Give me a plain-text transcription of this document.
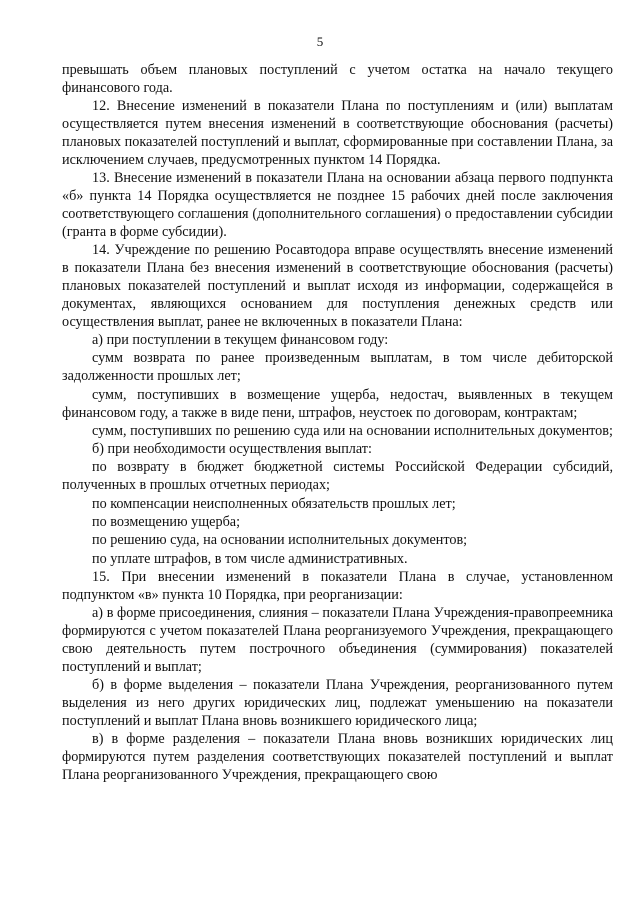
5

превышать объем плановых поступлений с учетом остатка на начало текущего финансового года.

12. Внесение изменений в показатели Плана по поступлениям и (или) выплатам осуществляется путем внесения изменений в соответствующие обоснования (расчеты) плановых показателей поступлений и выплат, сформированные при составлении Плана, за исключением случаев, предусмотренных пунктом 14 Порядка.

13. Внесение изменений в показатели Плана на основании абзаца первого подпункта «б» пункта 14 Порядка осуществляется не позднее 15 рабочих дней после заключения соответствующего соглашения (дополнительного соглашения) о предоставлении субсидии (гранта в форме субсидии).

14. Учреждение по решению Росавтодора вправе осуществлять внесение изменений в показатели Плана без внесения изменений в соответствующие обоснования (расчеты) плановых показателей поступлений и выплат исходя из информации, содержащейся в документах, являющихся основанием для поступления денежных средств или осуществления выплат, ранее не включенных в показатели Плана:

а) при поступлении в текущем финансовом году:

сумм возврата по ранее произведенным выплатам, в том числе дебиторской задолженности прошлых лет;

сумм, поступивших в возмещение ущерба, недостач, выявленных в текущем финансовом году, а также в виде пени, штрафов, неустоек по договорам, контрактам;

сумм, поступивших по решению суда или на основании исполнительных документов;

б) при необходимости осуществления выплат:

по возврату в бюджет бюджетной системы Российской Федерации субсидий, полученных в прошлых отчетных периодах;

по компенсации неисполненных обязательств прошлых лет;

по возмещению ущерба;

по решению суда, на основании исполнительных документов;

по уплате штрафов, в том числе административных.

15. При внесении изменений в показатели Плана в случае, установленном подпунктом «в» пункта 10 Порядка, при реорганизации:

а) в форме присоединения, слияния – показатели Плана Учреждения-правопреемника формируются с учетом показателей Плана реорганизуемого Учреждения, прекращающего свою деятельность путем построчного объединения (суммирования) показателей поступлений и выплат;

б) в форме выделения – показатели Плана Учреждения, реорганизованного путем выделения из него других юридических лиц, подлежат уменьшению на показатели поступлений и выплат Плана вновь возникшего юридического лица;

в) в форме разделения – показатели Плана вновь возникших юридических лиц формируются путем разделения соответствующих показателей поступлений и выплат Плана реорганизованного Учреждения, прекращающего свою
